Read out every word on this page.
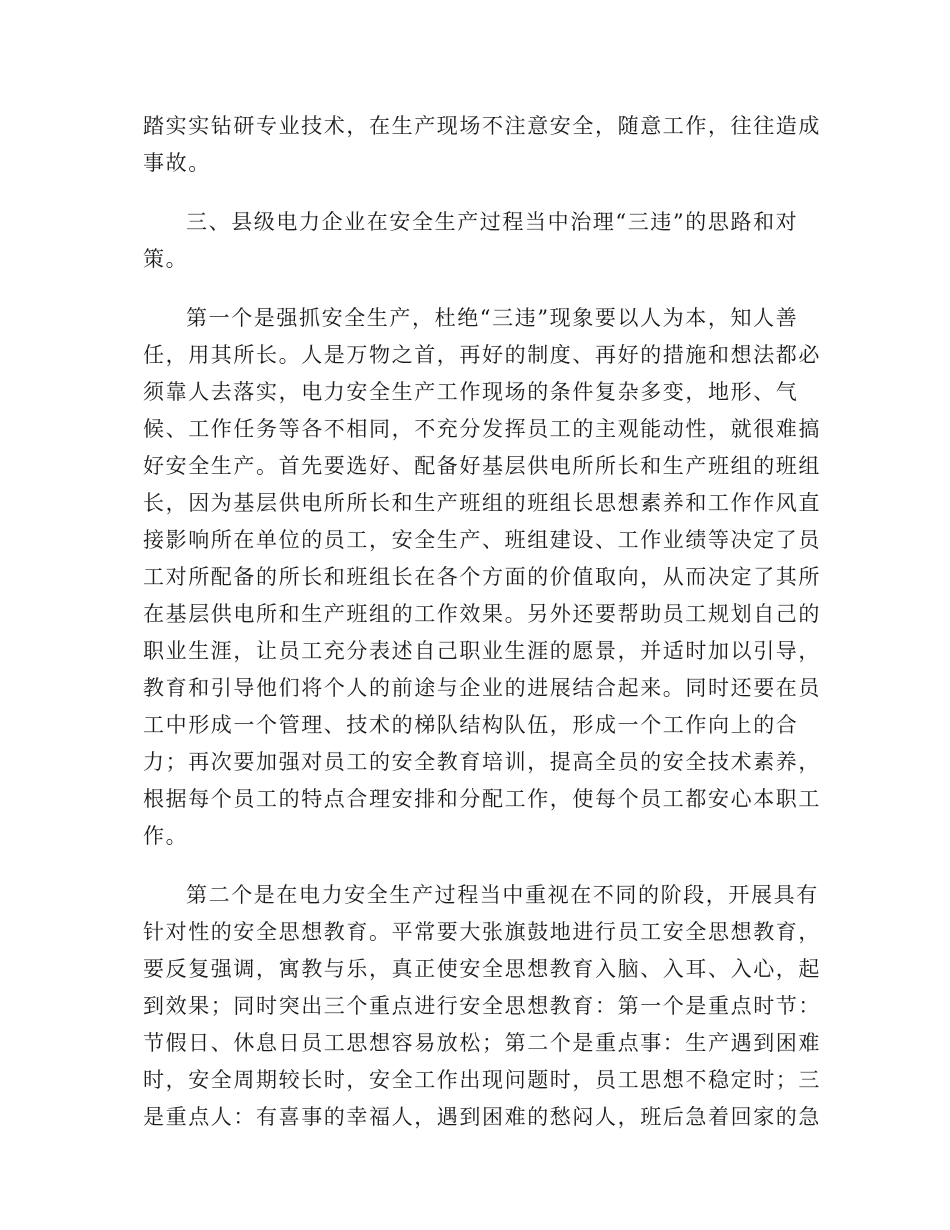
踏实实钻研专业技术，在生产现场不注意安全，随意工作，往往造成
事故。
三、县级电力企业在安全生产过程当中治理“三违”的思路和对
策。
第一个是强抓安全生产，杜绝“三违”现象要以人为本，知人善
任，用其所长。人是万物之首，再好的制度、再好的措施和想法都必
须靠人去落实，电力安全生产工作现场的条件复杂多变，地形、气
候、工作任务等各不相同，不充分发挥员工的主观能动性，就很难搞
好安全生产。首先要选好、配备好基层供电所所长和生产班组的班组
长，因为基层供电所所长和生产班组的班组长思想素养和工作作风直
接影响所在单位的员工，安全生产、班组建设、工作业绩等决定了员
工对所配备的所长和班组长在各个方面的价值取向，从而决定了其所
在基层供电所和生产班组的工作效果。另外还要帮助员工规划自己的
职业生涯，让员工充分表述自己职业生涯的愿景，并适时加以引导，
教育和引导他们将个人的前途与企业的进展结合起来。同时还要在员
工中形成一个管理、技术的梯队结构队伍，形成一个工作向上的合
力；再次要加强对员工的安全教育培训，提高全员的安全技术素养，
根据每个员工的特点合理安排和分配工作，使每个员工都安心本职工
作。
第二个是在电力安全生产过程当中重视在不同的阶段，开展具有
针对性的安全思想教育。平常要大张旗鼓地进行员工安全思想教育，
要反复强调，寓教与乐，真正使安全思想教育入脑、入耳、入心，起
到效果；同时突出三个重点进行安全思想教育：第一个是重点时节：
节假日、休息日员工思想容易放松；第二个是重点事：生产遇到困难
时，安全周期较长时，安全工作出现问题时，员工思想不稳定时；三
是重点人：有喜事的幸福人，遇到困难的愁闷人，班后急着回家的急
